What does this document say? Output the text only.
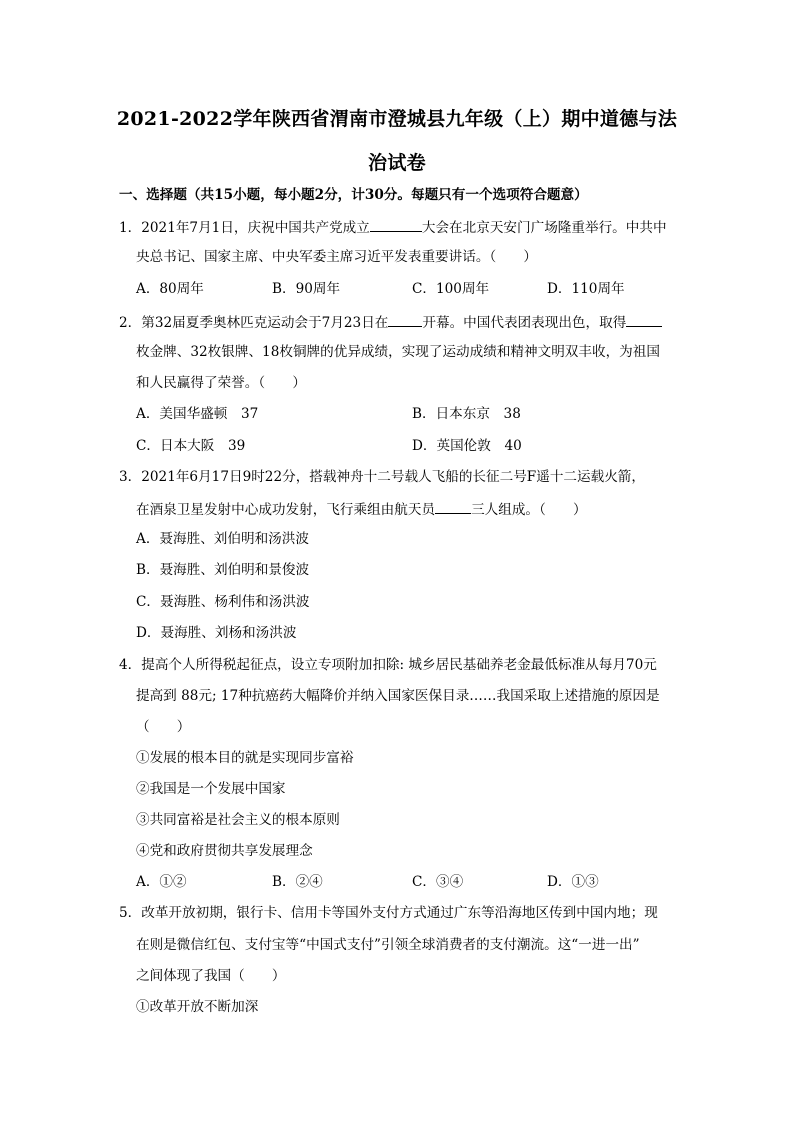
2021-2022学年陕西省渭南市澄城县九年级（上）期中道德与法
治试卷
一、选择题（共15小题，每小题2分，计30分。每题只有一个选项符合题意）
1．2021年7月1日，庆祝中国共产党成立	大会在北京天安门广场隆重举行。中共中
央总书记、国家主席、中央军委主席习近平发表重要讲话。（　　）
A．80周年	B．90周年	C．100周年	D．110周年
2．第32届夏季奥林匹克运动会于7月23日在	开幕。中国代表团表现出色，取得
枚金牌、32枚银牌、18枚铜牌的优异成绩，实现了运动成绩和精神文明双丰收，为祖国
和人民赢得了荣誉。（　　）
A．美国华盛顿　37	B．日本东京　38
C．日本大阪　39	D．英国伦敦　40
3．2021年6月17日9时22分，搭载神舟十二号载人飞船的长征二号F遥十二运载火箭，
在酒泉卫星发射中心成功发射，飞行乘组由航天员	三人组成。（　　）
A．聂海胜、刘伯明和汤洪波
B．聂海胜、刘伯明和景俊波
C．聂海胜、杨利伟和汤洪波
D．聂海胜、刘杨和汤洪波
4．提高个人所得税起征点，设立专项附加扣除: 城乡居民基础养老金最低标准从每月70元
提高到 88元; 17种抗癌药大幅降价并纳入国家医保目录……我国采取上述措施的原因是
（　　）
①发展的根本目的就是实现同步富裕
②我国是一个发展中国家
③共同富裕是社会主义的根本原则
④党和政府贯彻共享发展理念
A．①②	B．②④	C．③④	D．①③
5．改革开放初期，银行卡、信用卡等国外支付方式通过广东等沿海地区传到中国内地；现
在则是微信红包、支付宝等“中国式支付”引领全球消费者的支付潮流。这“一进一出”
之间体现了我国（　　）
①改革开放不断加深
